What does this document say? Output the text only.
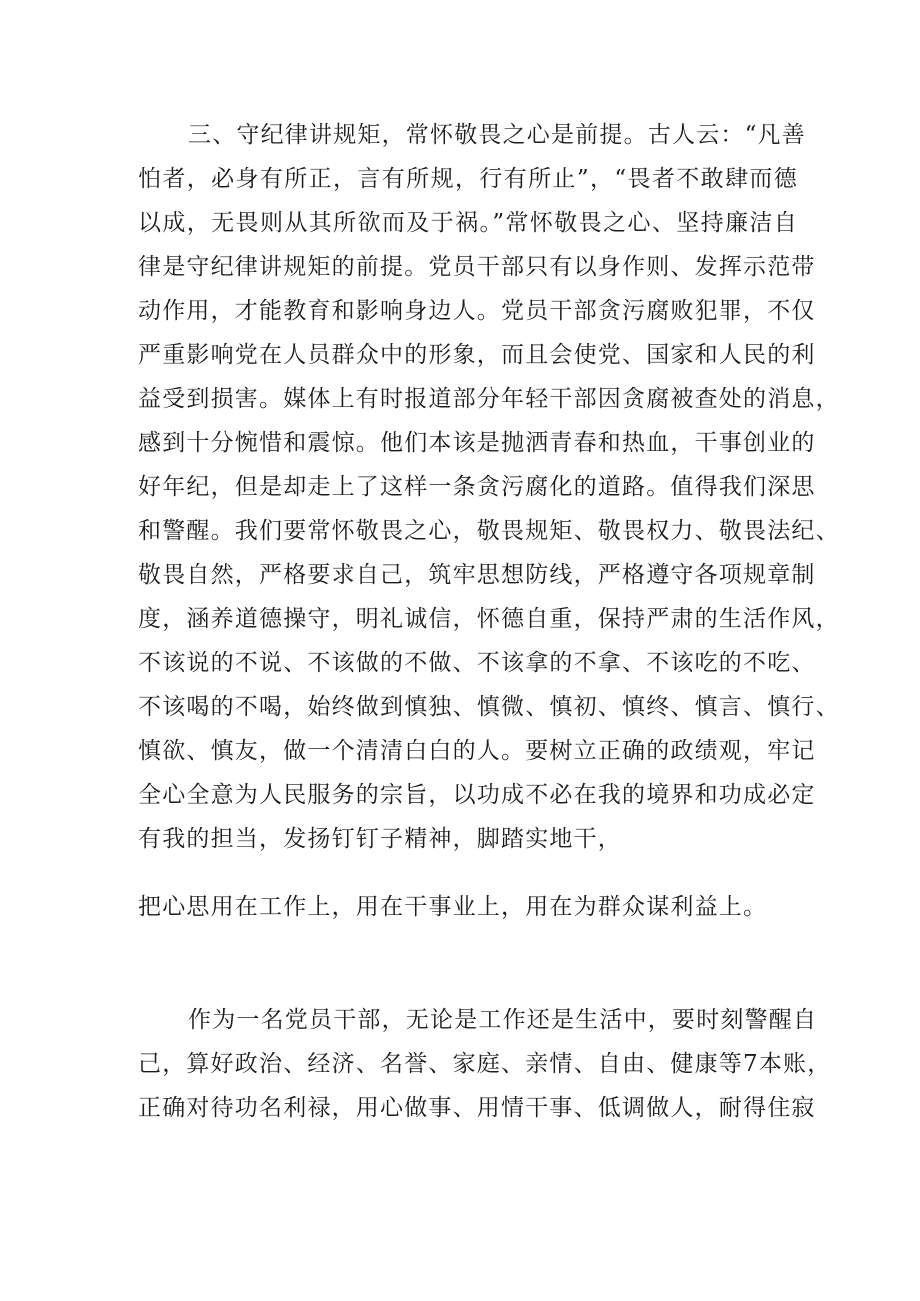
三、守纪律讲规矩，常怀敬畏之心是前提。古人云：“凡善
怕者，必身有所正，言有所规，行有所止”，“畏者不敢肆而德
以成，无畏则从其所欲而及于祸。”常怀敬畏之心、坚持廉洁自
律是守纪律讲规矩的前提。党员干部只有以身作则、发挥示范带
动作用，才能教育和影响身边人。党员干部贪污腐败犯罪，不仅
严重影响党在人员群众中的形象，而且会使党、国家和人民的利
益受到损害。媒体上有时报道部分年轻干部因贪腐被查处的消息，
感到十分惋惜和震惊。他们本该是抛洒青春和热血，干事创业的
好年纪，但是却走上了这样一条贪污腐化的道路。值得我们深思
和警醒。我们要常怀敬畏之心，敬畏规矩、敬畏权力、敬畏法纪、
敬畏自然，严格要求自己，筑牢思想防线，严格遵守各项规章制
度，涵养道德操守，明礼诚信，怀德自重，保持严肃的生活作风，
不该说的不说、不该做的不做、不该拿的不拿、不该吃的不吃、
不该喝的不喝，始终做到慎独、慎微、慎初、慎终、慎言、慎行、
慎欲、慎友，做一个清清白白的人。要树立正确的政绩观，牢记
全心全意为人民服务的宗旨，以功成不必在我的境界和功成必定
有我的担当，发扬钉钉子精神，脚踏实地干，
把心思用在工作上，用在干事业上，用在为群众谋利益上。
作为一名党员干部，无论是工作还是生活中，要时刻警醒自
己，算好政治、经济、名誉、家庭、亲情、自由、健康等7本账，
正确对待功名利禄，用心做事、用情干事、低调做人，耐得住寂
